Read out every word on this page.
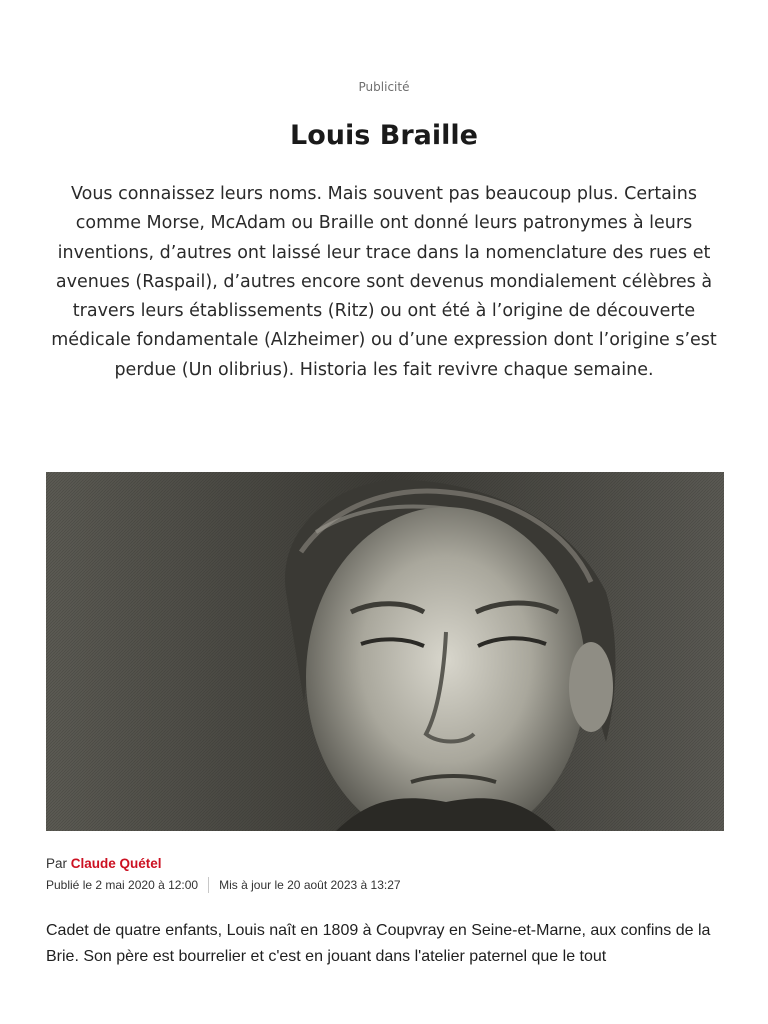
Publicité
Louis Braille

Vous connaissez leurs noms. Mais souvent pas beaucoup plus. Certains comme Morse, McAdam ou Braille ont donné leurs patronymes à leurs inventions, d’autres ont laissé leur trace dans la nomenclature des rues et avenues (Raspail), d’autres encore sont devenus mondialement célèbres à travers leurs établissements (Ritz) ou ont été à l’origine de découverte médicale fondamentale (Alzheimer) ou d’une expression dont l’origine s’est perdue (Un olibrius). Historia les fait revivre chaque semaine.

Par Claude Quétel
Publié le 2 mai 2020 à 12:00 Mis à jour le 20 août 2023 à 13:27

Cadet de quatre enfants, Louis naît en 1809 à Coupvray en Seine-et-Marne, aux confins de la Brie. Son père est bourrelier et c'est en jouant dans l'atelier paternel que le tout
